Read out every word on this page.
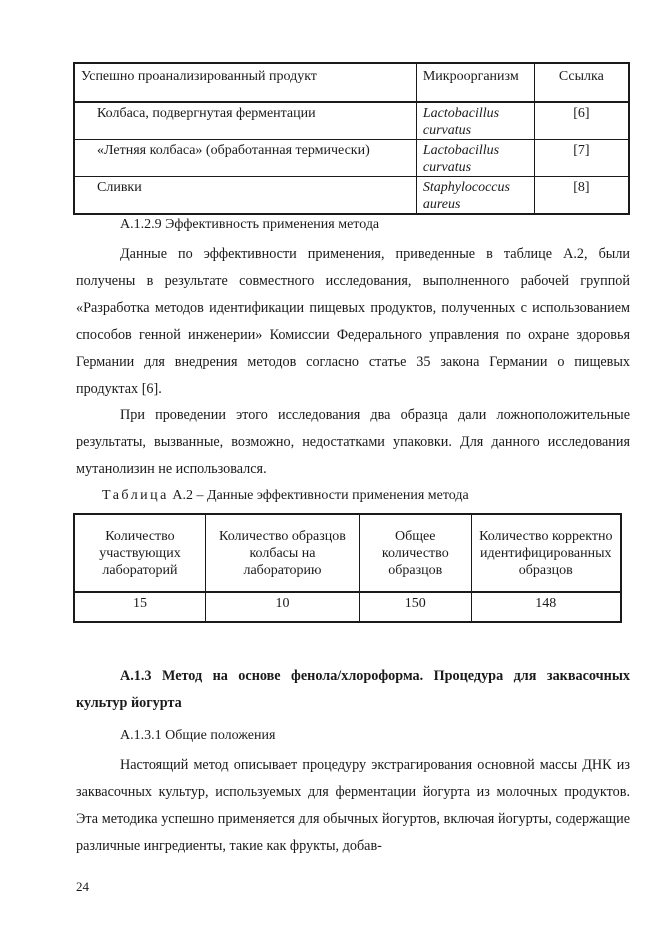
Успешно проанализированный продукт	Микроорганизм	Ссылка
Колбаса, подвергнутая ферментации	Lactobacillus curvatus	[6]
«Летняя колбаса» (обработанная термически)	Lactobacillus curvatus	[7]
Сливки	Staphylococcus aureus	[8]
А.1.2.9 Эффективность применения метода
Данные по эффективности применения, приведенные в таблице А.2, были получены в результате совместного исследования, выполненного рабочей группой «Разработка методов идентификации пищевых продуктов, полученных с использованием способов генной инженерии» Комиссии Федерального управления по охране здоровья Германии для внедрения методов согласно статье 35 закона Германии о пищевых продуктах [6].
При проведении этого исследования два образца дали ложноположительные результаты, вызванные, возможно, недостатками упаковки. Для данного исследования мутанолизин не использовался.
Таблица А.2 – Данные эффективности применения метода
Количество участвующих лабораторий	Количество образцов колбасы на лабораторию	Общее количество образцов	Количество корректно идентифицированных образцов
15	10	150	148
А.1.3 Метод на основе фенола/хлороформа. Процедура для заквасочных культур йогурта
А.1.3.1 Общие положения
Настоящий метод описывает процедуру экстрагирования основной массы ДНК из заквасочных культур, используемых для ферментации йогурта из молочных продуктов. Эта методика успешно применяется для обычных йогуртов, включая йогурты, содержащие различные ингредиенты, такие как фрукты, добав-
24
